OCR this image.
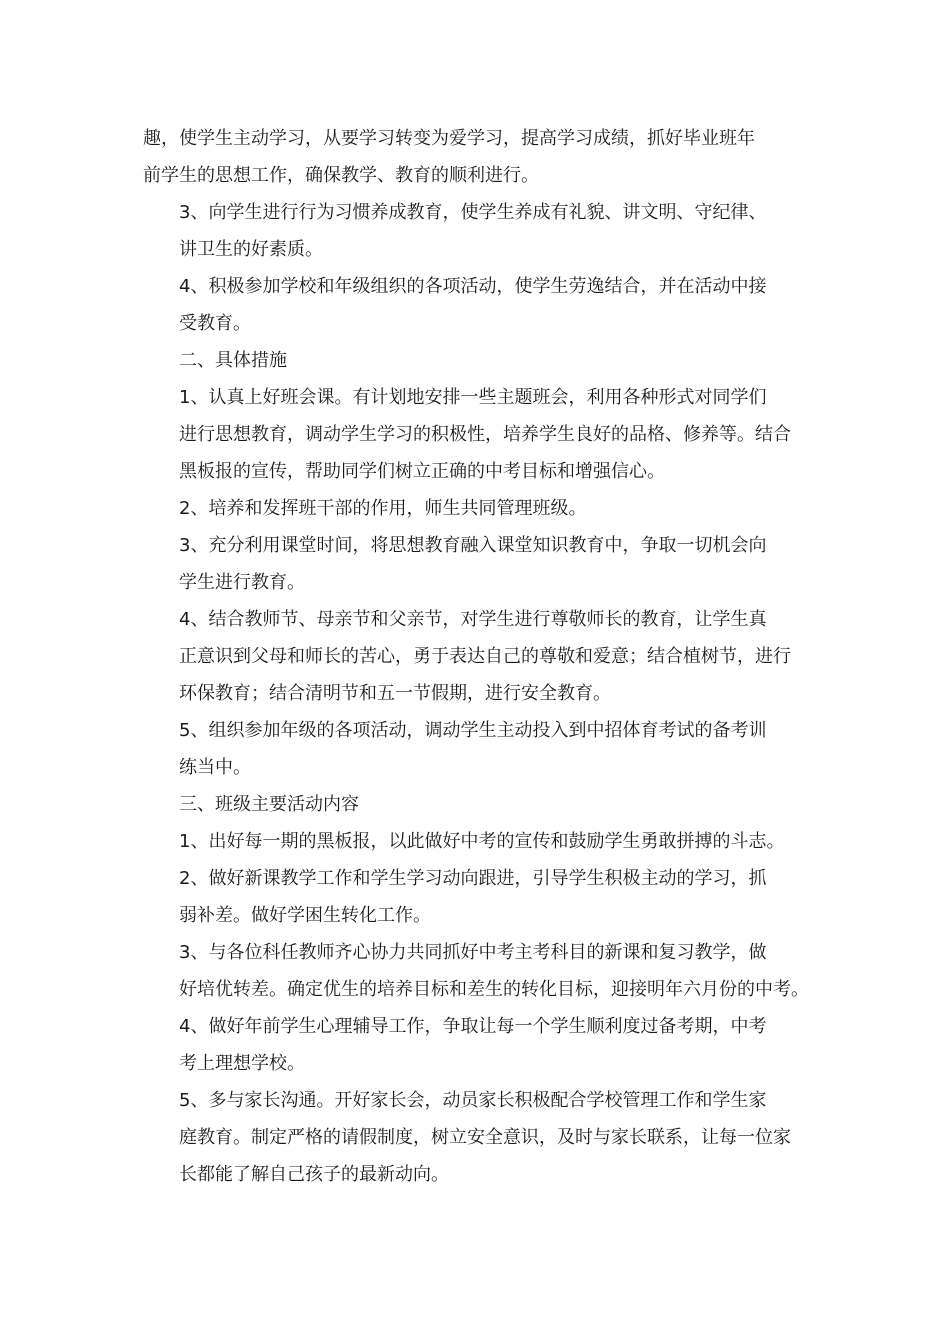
趣，使学生主动学习，从要学习转变为爱学习，提高学习成绩，抓好毕业班年
前学生的思想工作，确保教学、教育的顺利进行。

3、向学生进行行为习惯养成教育，使学生养成有礼貌、讲文明、守纪律、
讲卫生的好素质。

4、积极参加学校和年级组织的各项活动，使学生劳逸结合，并在活动中接
受教育。

二、具体措施

1、认真上好班会课。有计划地安排一些主题班会，利用各种形式对同学们
进行思想教育，调动学生学习的积极性，培养学生良好的品格、修养等。结合
黑板报的宣传，帮助同学们树立正确的中考目标和增强信心。

2、培养和发挥班干部的作用，师生共同管理班级。

3、充分利用课堂时间，将思想教育融入课堂知识教育中，争取一切机会向
学生进行教育。

4、结合教师节、母亲节和父亲节，对学生进行尊敬师长的教育，让学生真
正意识到父母和师长的苦心，勇于表达自己的尊敬和爱意；结合植树节，进行
环保教育；结合清明节和五一节假期，进行安全教育。

5、组织参加年级的各项活动，调动学生主动投入到中招体育考试的备考训
练当中。

三、班级主要活动内容

1、出好每一期的黑板报，以此做好中考的宣传和鼓励学生勇敢拼搏的斗志。

2、做好新课教学工作和学生学习动向跟进，引导学生积极主动的学习，抓
弱补差。做好学困生转化工作。

3、与各位科任教师齐心协力共同抓好中考主考科目的新课和复习教学，做
好培优转差。确定优生的培养目标和差生的转化目标，迎接明年六月份的中考。

4、做好年前学生心理辅导工作，争取让每一个学生顺利度过备考期，中考
考上理想学校。

5、多与家长沟通。开好家长会，动员家长积极配合学校管理工作和学生家
庭教育。制定严格的请假制度，树立安全意识，及时与家长联系，让每一位家
长都能了解自己孩子的最新动向。
